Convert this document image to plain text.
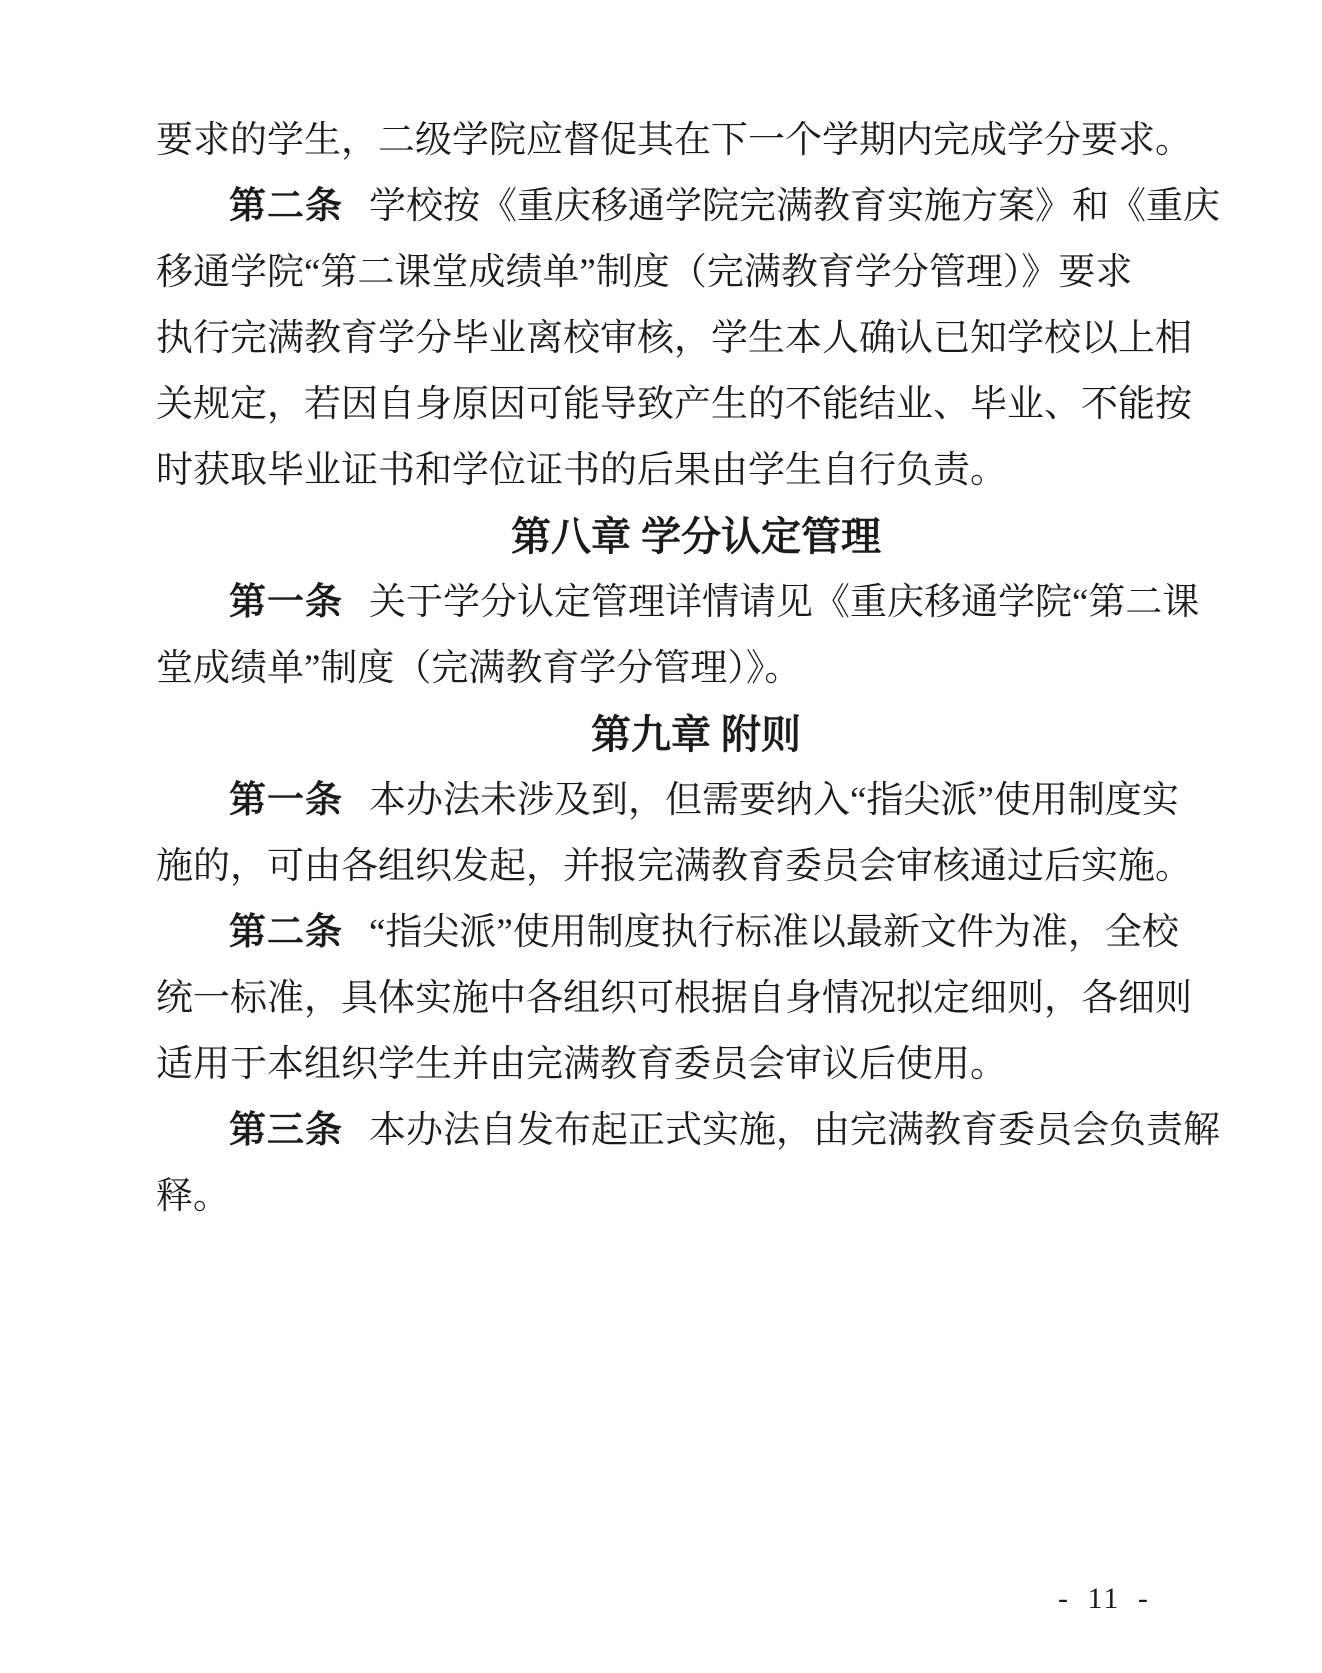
要求的学生，二级学院应督促其在下一个学期内完成学分要求。
第二条 学校按《重庆移通学院完满教育实施方案》和《重庆
移通学院“第二课堂成绩单”制度（完满教育学分管理）》要求
执行完满教育学分毕业离校审核，学生本人确认已知学校以上相
关规定，若因自身原因可能导致产生的不能结业、毕业、不能按
时获取毕业证书和学位证书的后果由学生自行负责。
第八章 学分认定管理
第一条 关于学分认定管理详情请见《重庆移通学院“第二课
堂成绩单”制度（完满教育学分管理）》。
第九章 附则
第一条 本办法未涉及到，但需要纳入“指尖派”使用制度实
施的，可由各组织发起，并报完满教育委员会审核通过后实施。
第二条 “指尖派”使用制度执行标准以最新文件为准，全校
统一标准，具体实施中各组织可根据自身情况拟定细则，各细则
适用于本组织学生并由完满教育委员会审议后使用。
第三条 本办法自发布起正式实施，由完满教育委员会负责解
释。
- 11 -
